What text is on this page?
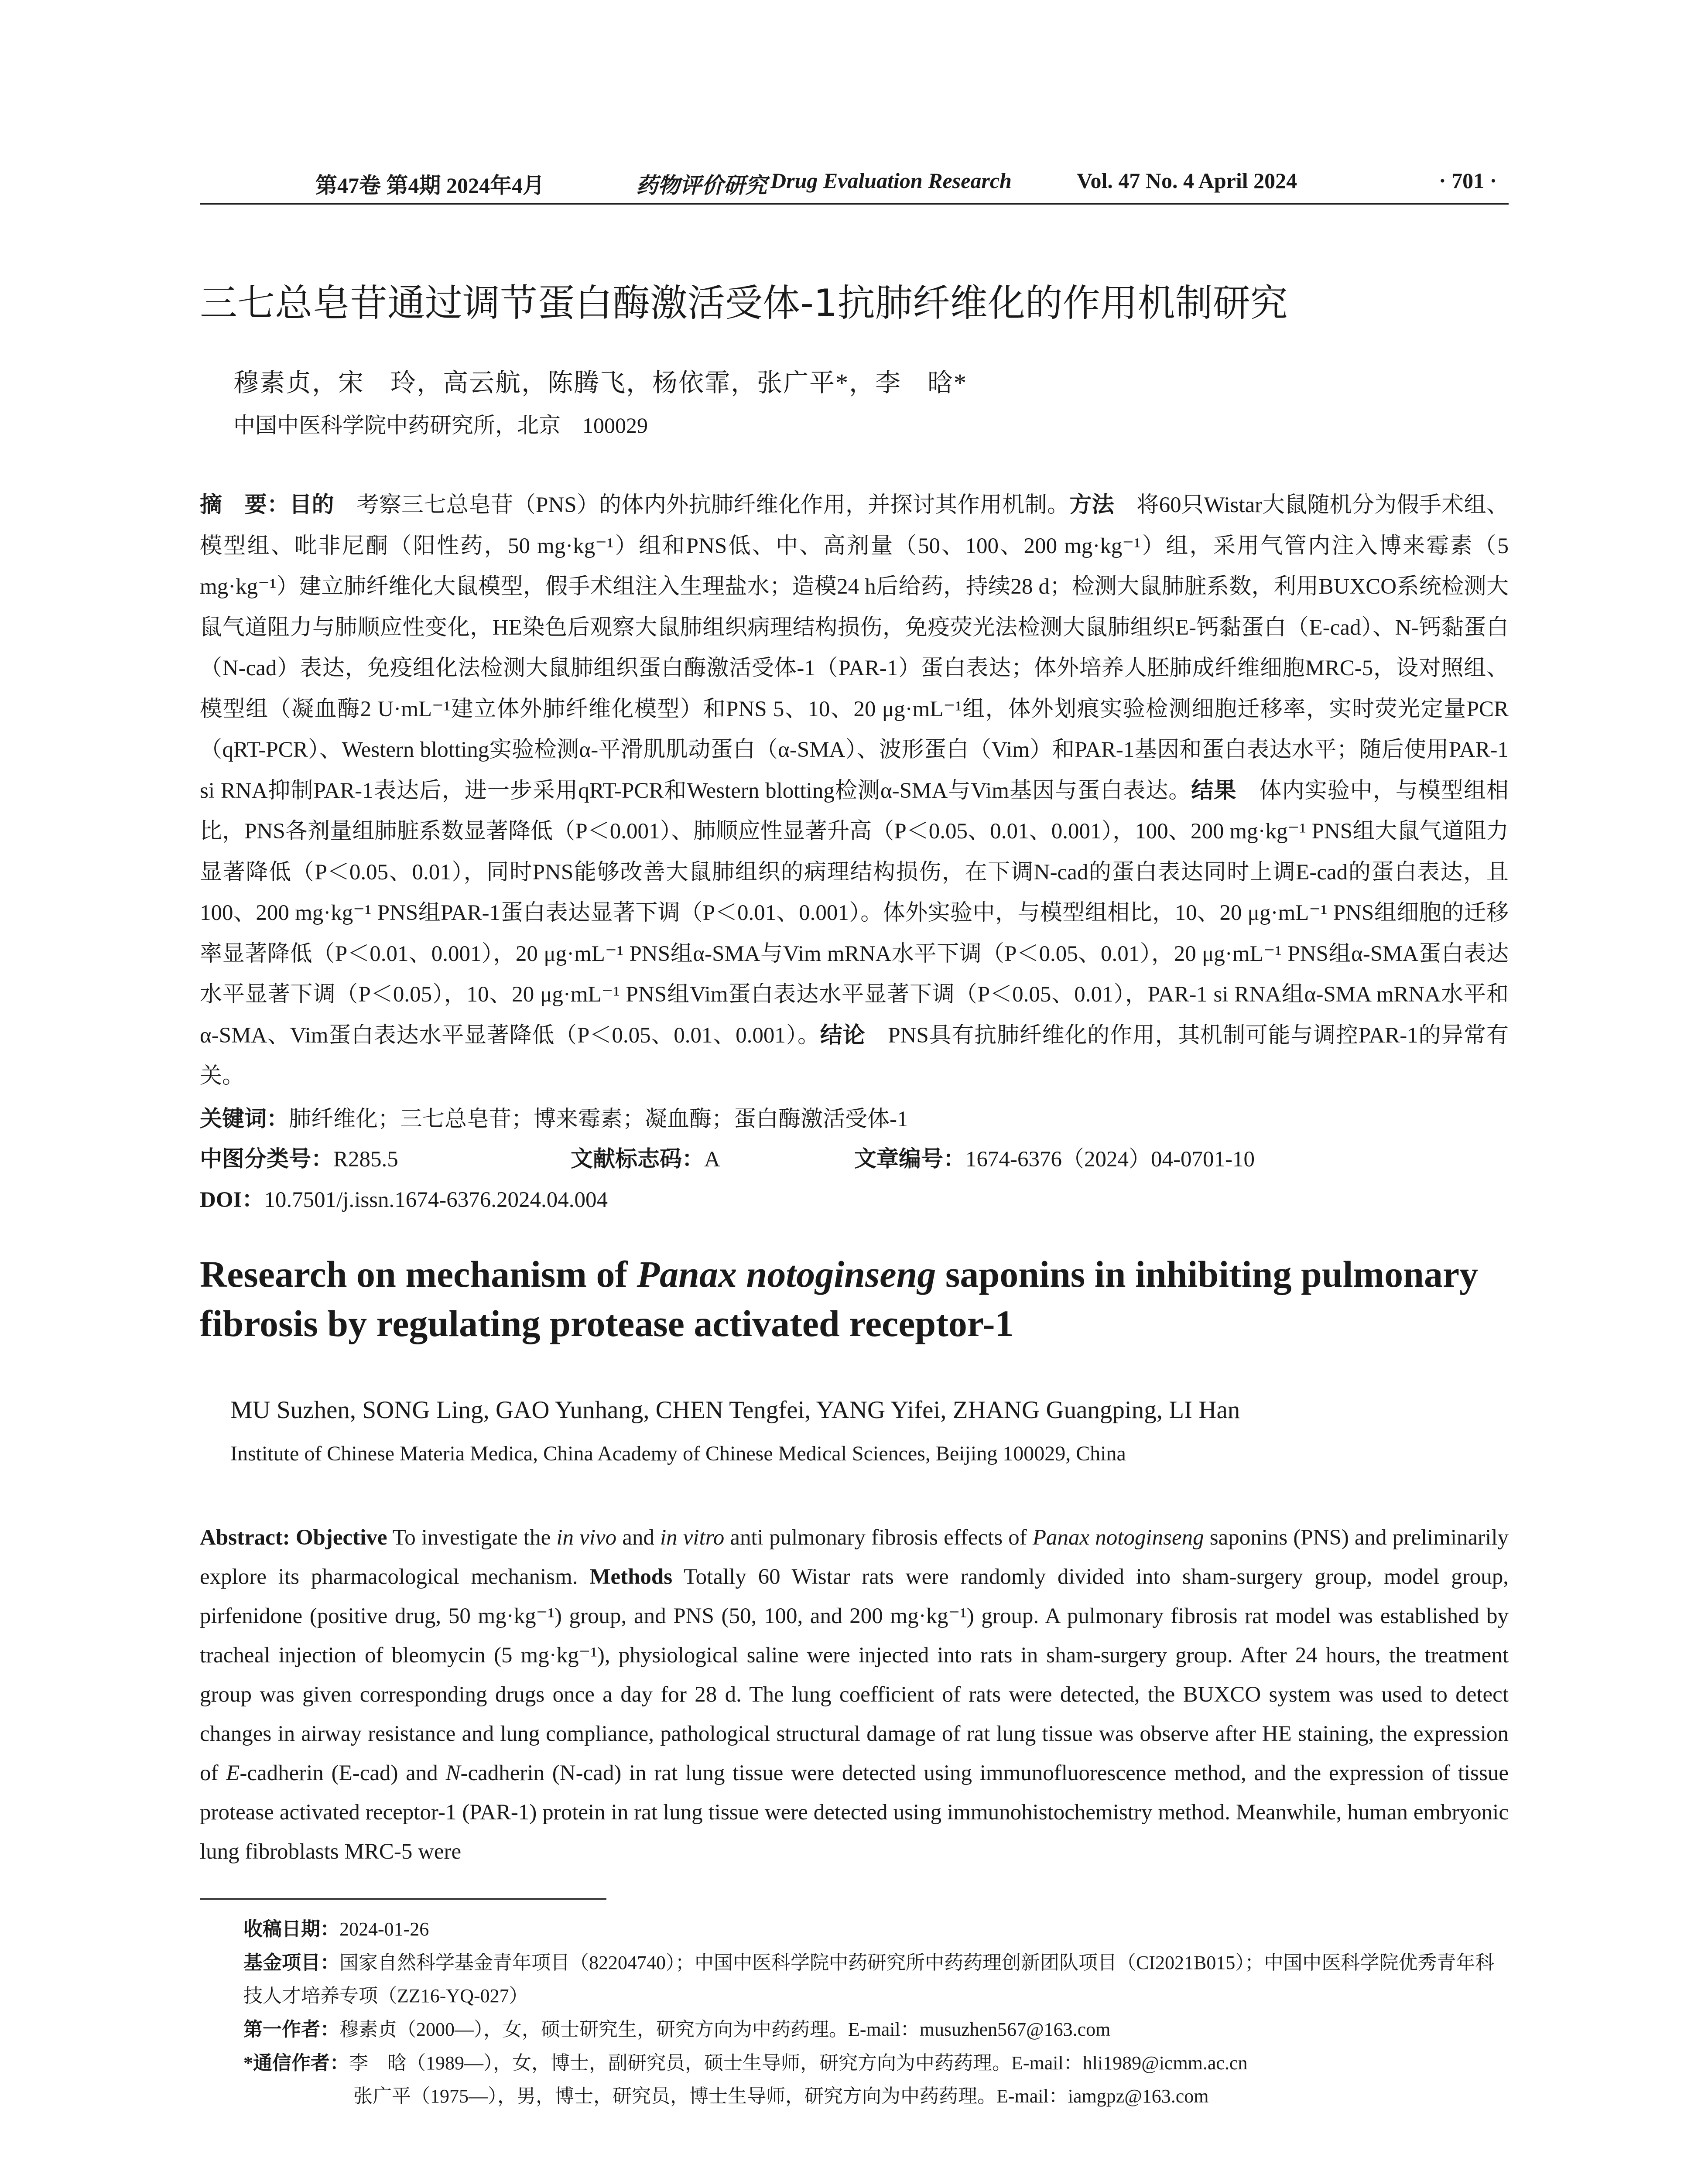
第47卷 第4期 2024年4月	药物评价研究 Drug Evaluation Research	Vol. 47 No. 4 April 2024	· 701 ·
三七总皂苷通过调节蛋白酶激活受体-1抗肺纤维化的作用机制研究
穆素贞，宋　玲，高云航，陈腾飞，杨依霏，张广平*，李　晗*
中国中医科学院中药研究所，北京　100029
摘　要：目的　 考察三七总皂苷（PNS）的体内外抗肺纤维化作用，并探讨其作用机制。方法　 将60只Wistar大鼠随机分为假手术组、模型组、吡非尼酮（阳性药，50 mg·kg⁻¹）组和PNS低、中、高剂量（50、100、200 mg·kg⁻¹）组，采用气管内注入博来霉素（5 mg·kg⁻¹）建立肺纤维化大鼠模型，假手术组注入生理盐水；造模24 h后给药，持续28 d；检测大鼠肺脏系数，利用BUXCO系统检测大鼠气道阻力与肺顺应性变化，HE染色后观察大鼠肺组织病理结构损伤，免疫荧光法检测大鼠肺组织E-钙黏蛋白（E-cad）、N-钙黏蛋白（N-cad）表达，免疫组化法检测大鼠肺组织蛋白酶激活受体-1（PAR-1）蛋白表达；体外培养人胚肺成纤维细胞MRC-5，设对照组、模型组（凝血酶2 U·mL⁻¹建立体外肺纤维化模型）和PNS 5、10、20 μg·mL⁻¹组，体外划痕实验检测细胞迁移率，实时荧光定量PCR（qRT-PCR）、Western blotting实验检测α-平滑肌肌动蛋白（α-SMA）、波形蛋白（Vim）和PAR-1基因和蛋白表达水平；随后使用PAR-1 si RNA抑制PAR-1表达后，进一步采用qRT-PCR和Western blotting检测α-SMA与Vim基因与蛋白表达。结果　 体内实验中，与模型组相比，PNS各剂量组肺脏系数显著降低（P＜0.001）、肺顺应性显著升高（P＜0.05、0.01、0.001），100、200 mg·kg⁻¹ PNS组大鼠气道阻力显著降低（P＜0.05、0.01），同时PNS能够改善大鼠肺组织的病理结构损伤，在下调N-cad的蛋白表达同时上调E-cad的蛋白表达，且100、200 mg·kg⁻¹ PNS组PAR-1蛋白表达显著下调（P＜0.01、0.001）。体外实验中，与模型组相比，10、20 μg·mL⁻¹ PNS组细胞的迁移率显著降低（P＜0.01、0.001），20 μg·mL⁻¹ PNS组α-SMA与Vim mRNA水平下调（P＜0.05、0.01），20 μg·mL⁻¹ PNS组α-SMA蛋白表达水平显著下调（P＜0.05），10、20 μg·mL⁻¹ PNS组Vim蛋白表达水平显著下调（P＜0.05、0.01），PAR-1 si RNA组α-SMA mRNA水平和α-SMA、Vim蛋白表达水平显著降低（P＜0.05、0.01、0.001）。结论　 PNS具有抗肺纤维化的作用，其机制可能与调控PAR-1的异常有关。
关键词：肺纤维化；三七总皂苷；博来霉素；凝血酶；蛋白酶激活受体-1
中图分类号：R285.5	文献标志码：A	文章编号：1674-6376（2024）04-0701-10
DOI：10.7501/j.issn.1674-6376.2024.04.004
Research on mechanism of Panax notoginseng saponins in inhibiting pulmonary fibrosis by regulating protease activated receptor-1
MU Suzhen, SONG Ling, GAO Yunhang, CHEN Tengfei, YANG Yifei, ZHANG Guangping, LI Han
Institute of Chinese Materia Medica, China Academy of Chinese Medical Sciences, Beijing 100029, China
Abstract: Objective To investigate the in vivo and in vitro anti pulmonary fibrosis effects of Panax notoginseng saponins (PNS) and preliminarily explore its pharmacological mechanism. Methods Totally 60 Wistar rats were randomly divided into sham-surgery group, model group, pirfenidone (positive drug, 50 mg·kg⁻¹) group, and PNS (50, 100, and 200 mg·kg⁻¹) group. A pulmonary fibrosis rat model was established by tracheal injection of bleomycin (5 mg·kg⁻¹), physiological saline were injected into rats in sham-surgery group. After 24 hours, the treatment group was given corresponding drugs once a day for 28 d. The lung coefficient of rats were detected, the BUXCO system was used to detect changes in airway resistance and lung compliance, pathological structural damage of rat lung tissue was observe after HE staining, the expression of E-cadherin (E-cad) and N-cadherin (N-cad) in rat lung tissue were detected using immunofluorescence method, and the expression of tissue protease activated receptor-1 (PAR-1) protein in rat lung tissue were detected using immunohistochemistry method. Meanwhile, human embryonic lung fibroblasts MRC-5 were
收稿日期：2024-01-26
基金项目：国家自然科学基金青年项目（82204740）；中国中医科学院中药研究所中药药理创新团队项目（CI2021B015）；中国中医科学院优秀青年科技人才培养专项（ZZ16-YQ-027）
第一作者：穆素贞（2000—），女，硕士研究生，研究方向为中药药理。E-mail：musuzhen567@163.com
*通信作者：李　晗（1989—），女，博士，副研究员，硕士生导师，研究方向为中药药理。E-mail：hli1989@icmm.ac.cn
张广平（1975—），男，博士，研究员，博士生导师，研究方向为中药药理。E-mail：iamgpz@163.com
